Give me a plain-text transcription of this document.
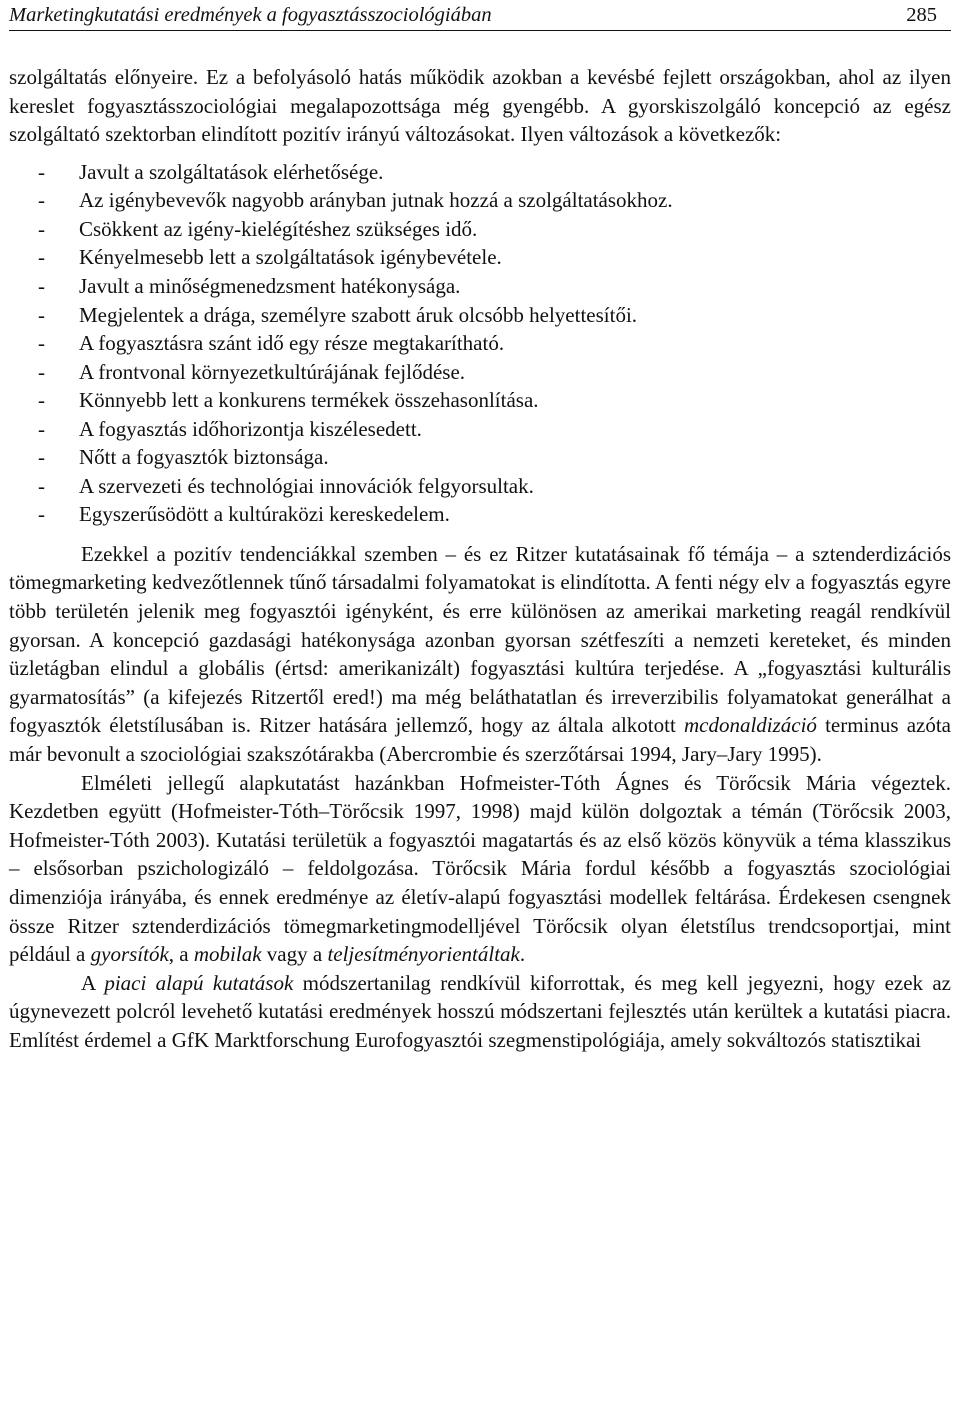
Marketingkutatási eredmények a fogyasztásszociológiában	285

szolgáltatás előnyeire. Ez a befolyásoló hatás működik azokban a kevésbé fejlett országokban, ahol az ilyen kereslet fogyasztásszociológiai megalapozottsága még gyengébb. A gyorskiszolgáló koncepció az egész szolgáltató szektorban elindított pozitív irányú változásokat. Ilyen változások a következők:

- Javult a szolgáltatások elérhetősége.
- Az igénybevevők nagyobb arányban jutnak hozzá a szolgáltatásokhoz.
- Csökkent az igény-kielégítéshez szükséges idő.
- Kényelmesebb lett a szolgáltatások igénybevétele.
- Javult a minőségmenedzsment hatékonysága.
- Megjelentek a drága, személyre szabott áruk olcsóbb helyettesítői.
- A fogyasztásra szánt idő egy része megtakarítható.
- A frontvonal környezetkultúrájának fejlődése.
- Könnyebb lett a konkurens termékek összehasonlítása.
- A fogyasztás időhorizontja kiszélesedett.
- Nőtt a fogyasztók biztonsága.
- A szervezeti és technológiai innovációk felgyorsultak.
- Egyszerűsödött a kultúraközi kereskedelem.

Ezekkel a pozitív tendenciákkal szemben – és ez Ritzer kutatásainak fő témája – a sztenderdizációs tömegmarketing kedvezőtlennek tűnő társadalmi folyamatokat is elindította. A fenti négy elv a fogyasztás egyre több területén jelenik meg fogyasztói igényként, és erre különösen az amerikai marketing reagál rendkívül gyorsan. A koncepció gazdasági hatékonysága azonban gyorsan szétfeszíti a nemzeti kereteket, és minden üzletágban elindul a globális (értsd: amerikanizált) fogyasztási kultúra terjedése. A „fogyasztási kulturális gyarmatosítás” (a kifejezés Ritzertől ered!) ma még beláthatatlan és irreverzibilis folyamatokat generálhat a fogyasztók életstílusában is. Ritzer hatására jellemző, hogy az általa alkotott mcdonaldizáció terminus azóta már bevonult a szociológiai szakszótárakba (Abercrombie és szerzőtársai 1994, Jary–Jary 1995).

Elméleti jellegű alapkutatást hazánkban Hofmeister-Tóth Ágnes és Törőcsik Mária végeztek. Kezdetben együtt (Hofmeister-Tóth–Törőcsik 1997, 1998) majd külön dolgoztak a témán (Törőcsik 2003, Hofmeister-Tóth 2003). Kutatási területük a fogyasztói magatartás és az első közös könyvük a téma klasszikus – elsősorban pszichologizáló – feldolgozása. Törőcsik Mária fordul később a fogyasztás szociológiai dimenziója irányába, és ennek eredménye az életív-alapú fogyasztási modellek feltárása. Érdekesen csengnek össze Ritzer sztenderdizációs tömegmarketingmodelljével Törőcsik olyan életstílus trendcsoportjai, mint például a gyorsítók, a mobilak vagy a teljesítményorientáltak.

A piaci alapú kutatások módszertanilag rendkívül kiforrottak, és meg kell jegyezni, hogy ezek az úgynevezett polcról levehető kutatási eredmények hosszú módszertani fejlesztés után kerültek a kutatási piacra. Említést érdemel a GfK Marktforschung Eurofogyasztói szegmenstipológiája, amely sokváltozós statisztikai
